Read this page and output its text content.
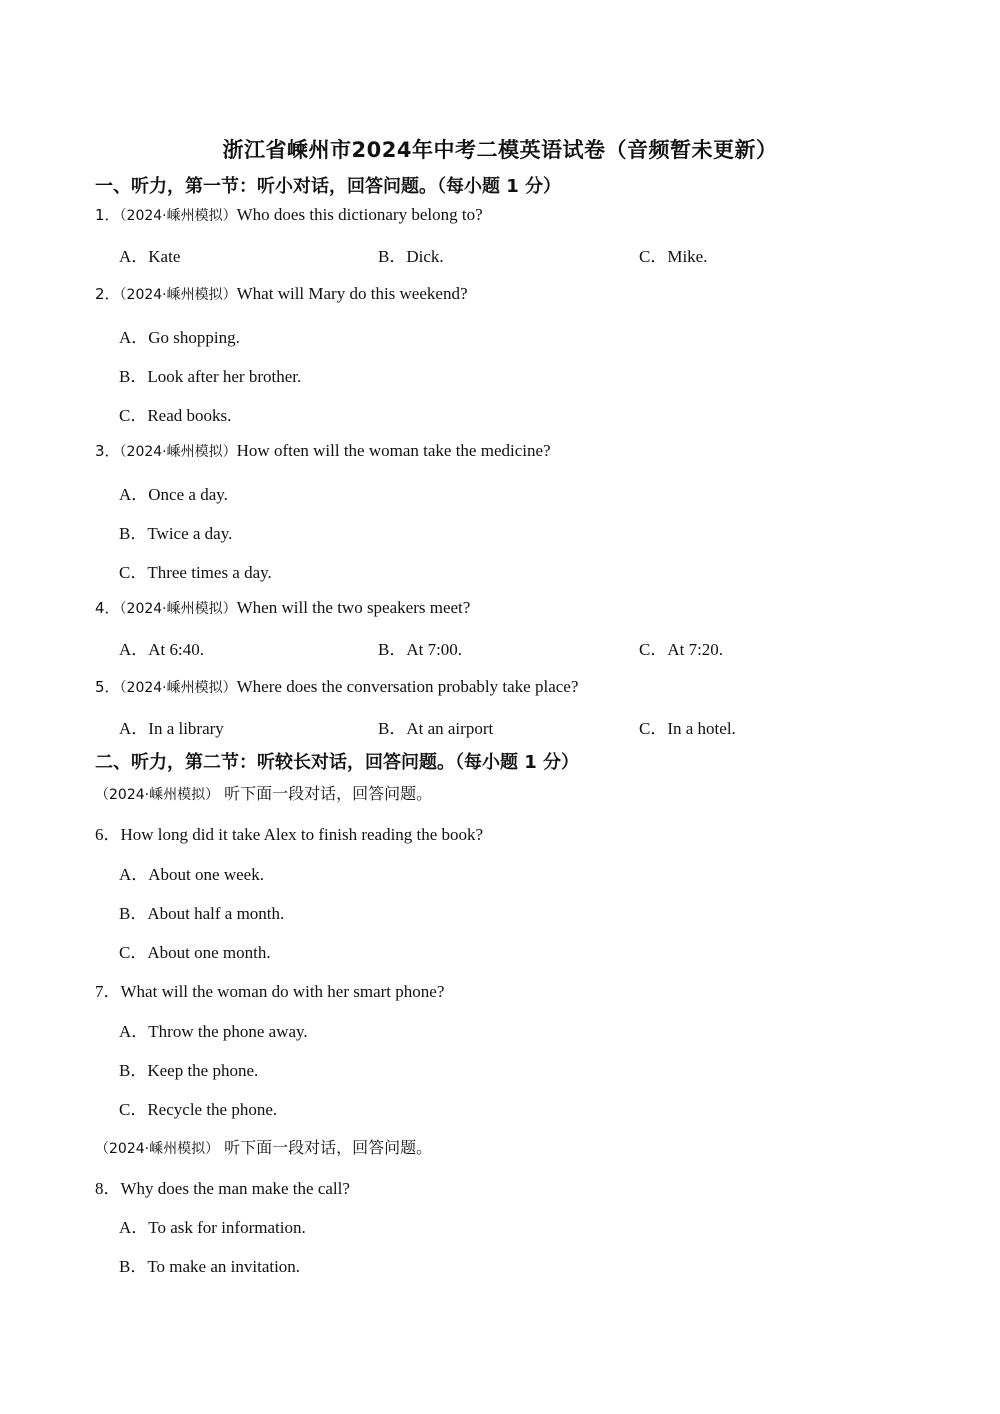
浙江省嵊州市2024年中考二模英语试卷（音频暂未更新）
一、听力，第一节：听小对话，回答问题。（每小题 1 分）
1．（2024·嵊州模拟）Who does this dictionary belong to?
A．Kate	B．Dick.	C．Mike.
2．（2024·嵊州模拟）What will Mary do this weekend?
A．Go shopping.
B．Look after her brother.
C．Read books.
3．（2024·嵊州模拟）How often will the woman take the medicine?
A．Once a day.
B．Twice a day.
C．Three times a day.
4．（2024·嵊州模拟）When will the two speakers meet?
A．At 6:40.	B．At 7:00.	C．At 7:20.
5．（2024·嵊州模拟）Where does the conversation probably take place?
A．In a library	B．At an airport	C．In a hotel.
二、听力，第二节：听较长对话，回答问题。（每小题 1 分）
（2024·嵊州模拟） 听下面一段对话，回答问题。
6．How long did it take Alex to finish reading the book?
A．About one week.
B．About half a month.
C．About one month.
7．What will the woman do with her smart phone?
A．Throw the phone away.
B．Keep the phone.
C．Recycle the phone.
（2024·嵊州模拟） 听下面一段对话，回答问题。
8．Why does the man make the call?
A．To ask for information.
B．To make an invitation.
